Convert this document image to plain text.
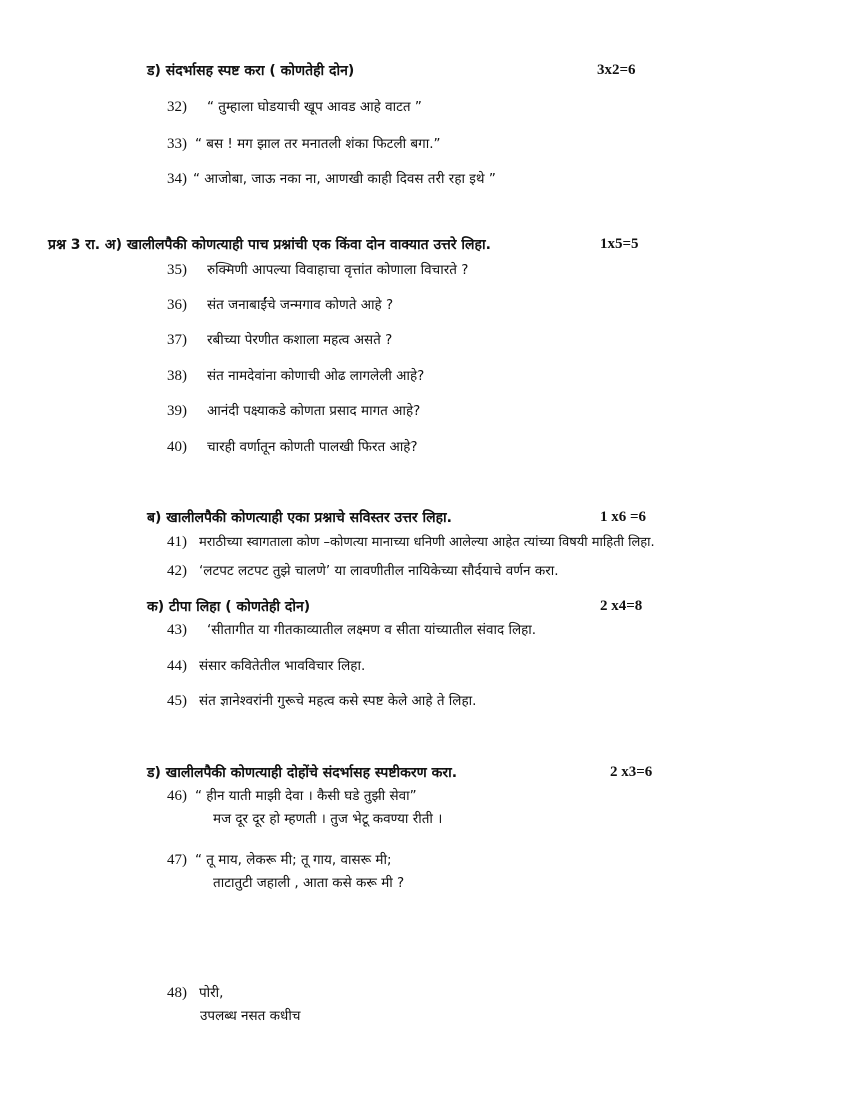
ड) संदर्भासह स्पष्ट करा ( कोणतेही दोन)	3x2=6
32) “ तुम्हाला घोडयाची खूप आवड आहे वाटत ”
33) “ बस ! मग झाल तर मनातली शंका फिटली बगा.”
34) “ आजोबा, जाऊ नका ना, आणखी काही दिवस तरी रहा इथे ”
प्रश्न 3 रा. अ) खालीलपैकी कोणत्याही पाच प्रश्नांची एक किंवा दोन वाक्यात उत्तरे लिहा.	1x5=5
35) रुक्मिणी आपल्या विवाहाचा वृत्तांत कोणाला विचारते ?
36) संत जनाबाईंचे जन्मगाव कोणते आहे ?
37) रबीच्या पेरणीत कशाला महत्व असते ?
38) संत नामदेवांना कोणाची ओढ लागलेली आहे?
39) आनंदी पक्ष्याकडे कोणता प्रसाद मागत आहे?
40) चारही वर्णातून कोणती पालखी फिरत आहे?
ब) खालीलपैकी कोणत्याही एका प्रश्नाचे सविस्तर उत्तर लिहा.	1 x6 =6
41) मराठीच्या स्वागताला कोण –कोणत्या मानाच्या धनिणी आलेल्या आहेत त्यांच्या विषयी माहिती लिहा.
42) ‘लटपट लटपट तुझे चालणे’ या लावणीतील नायिकेच्या सौर्दयाचे वर्णन करा.
क) टीपा लिहा ( कोणतेही दोन)	2 x4=8
43) ‘सीतागीत या गीतकाव्यातील लक्ष्मण व सीता यांच्यातील संवाद लिहा.
44) संसार कवितेतील भावविचार लिहा.
45) संत ज्ञानेश्वरांनी गुरूचे महत्व कसे स्पष्ट केले आहे ते लिहा.
ड) खालीलपैकी कोणत्याही दोहोंचे संदर्भासह स्पष्टीकरण करा.	2 x3=6
46) “ हीन याती माझी देवा । कैसी घडे तुझी सेवा”
मज दूर दूर हो म्हणती । तुज भेटू कवण्या रीती ।
47) “ तू माय, लेकरू मी; तू गाय, वासरू मी;
ताटातुटी जहाली , आता कसे करू मी ?
48) पोरी,
उपलब्ध नसत कधीच
